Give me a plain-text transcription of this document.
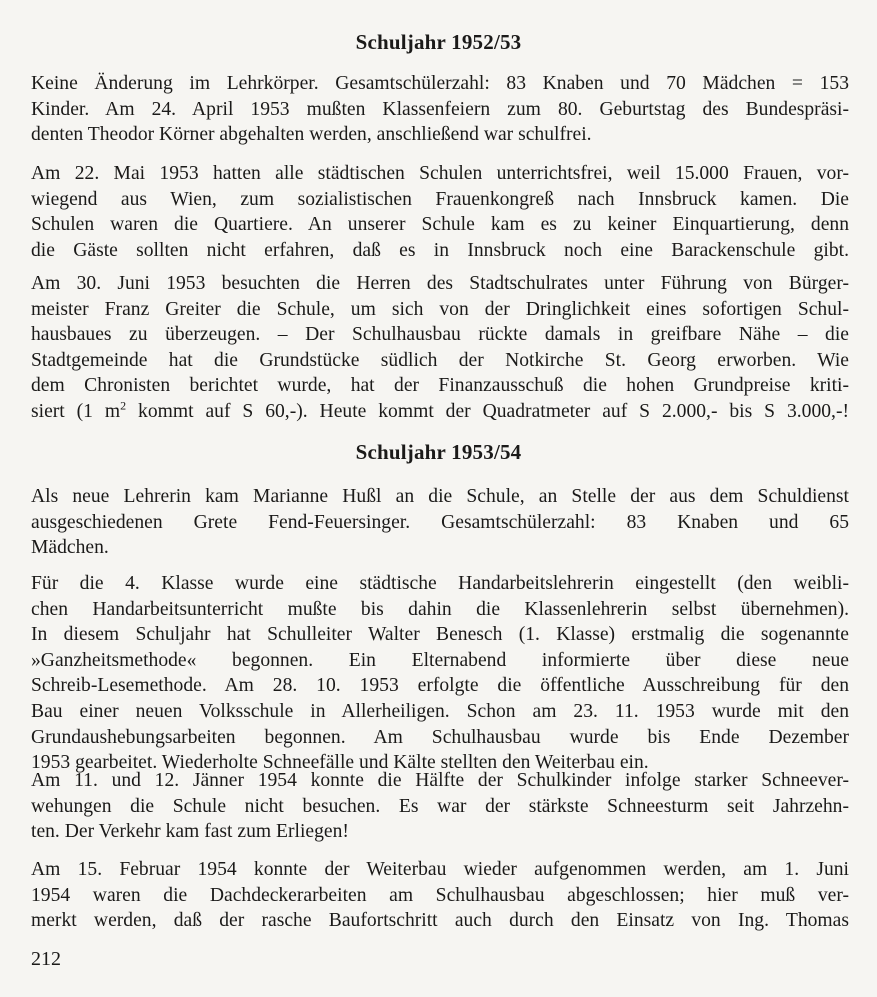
Schuljahr 1952/53
Keine Änderung im Lehrkörper. Gesamtschülerzahl: 83 Knaben und 70 Mädchen = 153
Kinder. Am 24. April 1953 mußten Klassenfeiern zum 80. Geburtstag des Bundespräsi-
denten Theodor Körner abgehalten werden, anschließend war schulfrei.
Am 22. Mai 1953 hatten alle städtischen Schulen unterrichtsfrei, weil 15.000 Frauen, vor-
wiegend aus Wien, zum sozialistischen Frauenkongreß nach Innsbruck kamen. Die
Schulen waren die Quartiere. An unserer Schule kam es zu keiner Einquartierung, denn
die Gäste sollten nicht erfahren, daß es in Innsbruck noch eine Barackenschule gibt.
Am 30. Juni 1953 besuchten die Herren des Stadtschulrates unter Führung von Bürger-
meister Franz Greiter die Schule, um sich von der Dringlichkeit eines sofortigen Schul-
hausbaues zu überzeugen. – Der Schulhausbau rückte damals in greifbare Nähe – die
Stadtgemeinde hat die Grundstücke südlich der Notkirche St. Georg erworben. Wie
dem Chronisten berichtet wurde, hat der Finanzausschuß die hohen Grundpreise kriti-
siert (1 $m^2$ kommt auf S 60,-). Heute kommt der Quadratmeter auf S 2.000,- bis S 3.000,-!
Schuljahr 1953/54
Als neue Lehrerin kam Marianne Hußl an die Schule, an Stelle der aus dem Schuldienst
ausgeschiedenen Grete Fend-Feuersinger. Gesamtschülerzahl: 83 Knaben und 65
Mädchen.
Für die 4. Klasse wurde eine städtische Handarbeitslehrerin eingestellt (den weibli-
chen Handarbeitsunterricht mußte bis dahin die Klassenlehrerin selbst übernehmen).
In diesem Schuljahr hat Schulleiter Walter Benesch (1. Klasse) erstmalig die sogenannte
»Ganzheitsmethode« begonnen. Ein Elternabend informierte über diese neue
Schreib-Lesemethode. Am 28. 10. 1953 erfolgte die öffentliche Ausschreibung für den
Bau einer neuen Volksschule in Allerheiligen. Schon am 23. 11. 1953 wurde mit den
Grundaushebungsarbeiten begonnen. Am Schulhausbau wurde bis Ende Dezember
1953 gearbeitet. Wiederholte Schneefälle und Kälte stellten den Weiterbau ein.
Am 11. und 12. Jänner 1954 konnte die Hälfte der Schulkinder infolge starker Schneever-
wehungen die Schule nicht besuchen. Es war der stärkste Schneesturm seit Jahrzehn-
ten. Der Verkehr kam fast zum Erliegen!
Am 15. Februar 1954 konnte der Weiterbau wieder aufgenommen werden, am 1. Juni
1954 waren die Dachdeckerarbeiten am Schulhausbau abgeschlossen; hier muß ver-
merkt werden, daß der rasche Baufortschritt auch durch den Einsatz von Ing. Thomas
212
